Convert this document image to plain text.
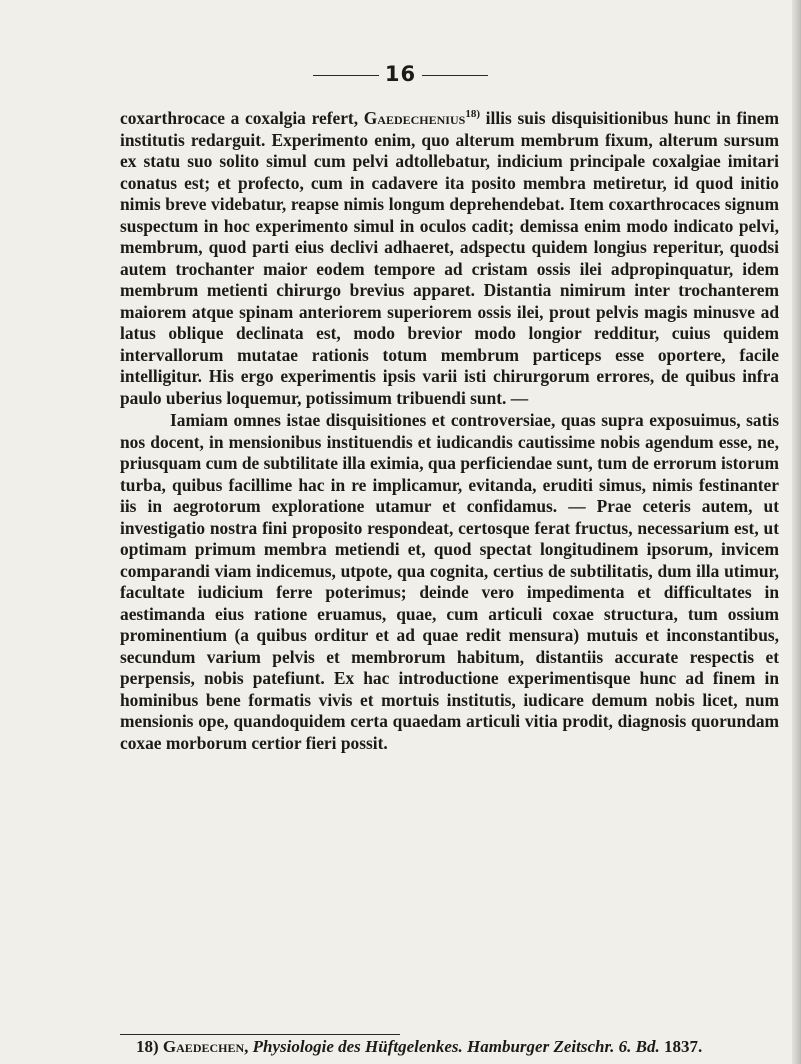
16

coxarthrocace a coxalgia refert, Gaedechenius$^{18)}$ illis suis disquisitionibus hunc in finem institutis redarguit. Experimento enim, quo alterum membrum fixum, alterum sursum ex statu suo solito simul cum pelvi adtollebatur, indicium principale coxalgiae imitari conatus est; et profecto, cum in cadavere ita posito membra metiretur, id quod initio nimis breve videbatur, reapse nimis longum deprehendebat. Item coxarthrocaces signum suspectum in hoc experimento simul in oculos cadit; demissa enim modo indicato pelvi, membrum, quod parti eius declivi adhaeret, adspectu quidem longius reperitur, quodsi autem trochanter maior eodem tempore ad cristam ossis ilei adpropinquatur, idem membrum metienti chirurgo brevius apparet. Distantia nimirum inter trochanterem maiorem atque spinam anteriorem superiorem ossis ilei, prout pelvis magis minusve ad latus oblique declinata est, modo brevior modo longior redditur, cuius quidem intervallorum mutatae rationis totum membrum particeps esse oportere, facile intelligitur. His ergo experimentis ipsis varii isti chirurgorum errores, de quibus infra paulo uberius loquemur, potissimum tribuendi sunt. —

Iamiam omnes istae disquisitiones et controversiae, quas supra exposuimus, satis nos docent, in mensionibus instituendis et iudicandis cautissime nobis agendum esse, ne, priusquam cum de subtilitate illa eximia, qua perficiendae sunt, tum de errorum istorum turba, quibus facillime hac in re implicamur, evitanda, eruditi simus, nimis festinanter iis in aegrotorum exploratione utamur et confidamus. — Prae ceteris autem, ut investigatio nostra fini proposito respondeat, certosque ferat fructus, necessarium est, ut optimam primum membra metiendi et, quod spectat longitudinem ipsorum, invicem comparandi viam indicemus, utpote, qua cognita, certius de subtilitatis, dum illa utimur, facultate iudicium ferre poterimus; deinde vero impedimenta et difficultates in aestimanda eius ratione eruamus, quae, cum articuli coxae structura, tum ossium prominentium (a quibus orditur et ad quae redit mensura) mutuis et inconstantibus, secundum varium pelvis et membrorum habitum, distantiis accurate respectis et perpensis, nobis patefiunt. Ex hac introductione experimentisque hunc ad finem in hominibus bene formatis vivis et mortuis institutis, iudicare demum nobis licet, num mensionis ope, quandoquidem certa quaedam articuli vitia prodit, diagnosis quorundam coxae morborum certior fieri possit.

18) Gaedechen, Physiologie des Hüftgelenkes. Hamburger Zeitschr. 6. Bd. 1837.
